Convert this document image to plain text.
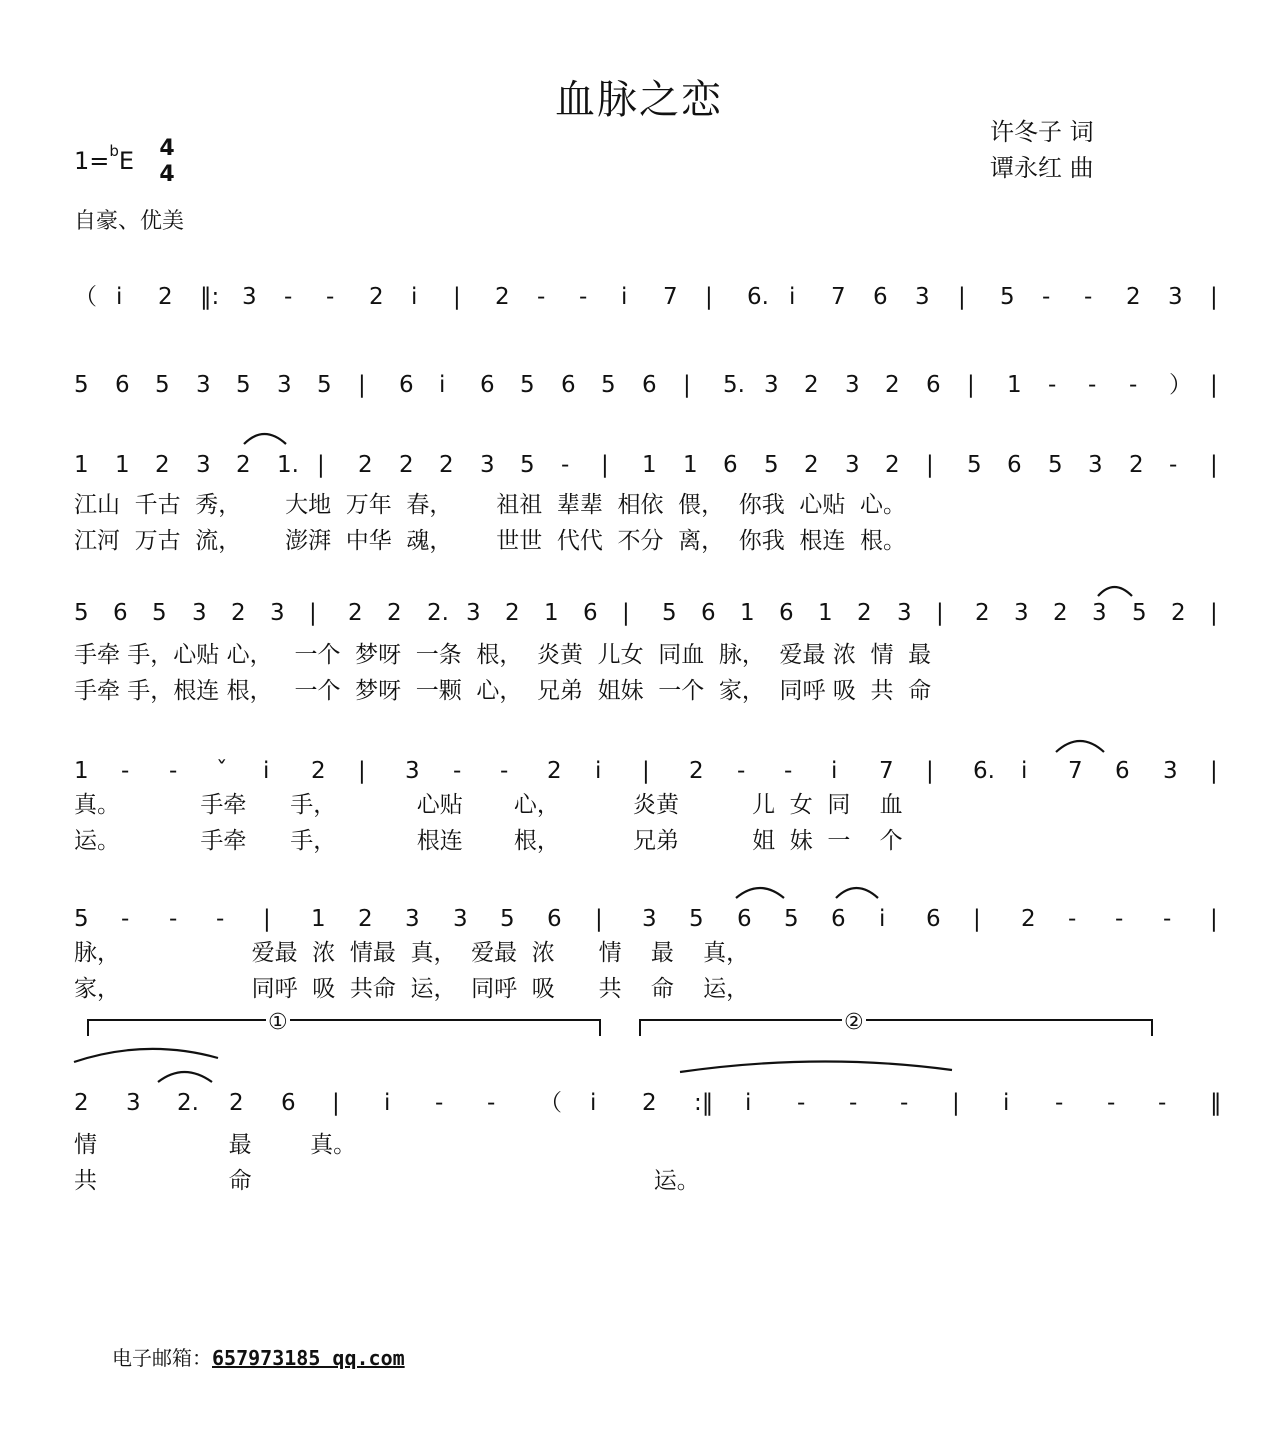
血脉之恋
许冬子 词
谭永红 曲
1=$^b$E 4
4
自豪、优美
（ i 2 ‖: 3 - - 2 i | 2 - - i 7 | 6. i 7 6 3 | 5 - - 2 3 |
5 6 5 3 5 3 5 | 6 i 6 5 6 5 6 | 5. 3 2 3 2 6 | 1 - - - ） |
1 1 2 3 2 1. | 2 2 2 3 5 - | 1 1 6 5 2 3 2 | 5 6 5 3 2 - |
5 6 5 3 2 3 | 2 2 2. 3 2 1 6 | 5 6 1 6 1 2 3 | 2 3 2 3 5 2 |
1 - - ˇ i 2 | 3 - - 2 i | 2 - - i 7 | 6. i 7 6 3 |
5 - - - | 1 2 3 3 5 6 | 3 5 6 5 6 i 6 | 2 - - - |
2 3 2. 2 6 | i - - （ i 2 :‖ i - - - | i - - - ‖
江山  千古  秀，      大地  万年  春，      祖祖  辈辈  相依  偎，  你我  心贴  心。
江河  万古  流，      澎湃  中华  魂，      世世  代代  不分  离，  你我  根连  根。
手牵 手，心贴 心，   一个  梦呀  一条  根，  炎黄  儿女  同血  脉，  爱最 浓  情  最
手牵 手，根连 根，   一个  梦呀  一颗  心，  兄弟  姐妹  一个  家，  同呼 吸  共  命
真。           手牵      手，           心贴       心，          炎黄          儿  女  同    血
运。           手牵      手，           根连       根，          兄弟          姐  妹  一    个
脉，                  爱最  浓  情最  真，  爱最  浓      情    最    真，
家，                  同呼  吸  共命  运，  同呼  吸      共    命    运，
情                  最        真。
共                  命                                                       运。
①	②
电子邮箱：657973185 qq.com
